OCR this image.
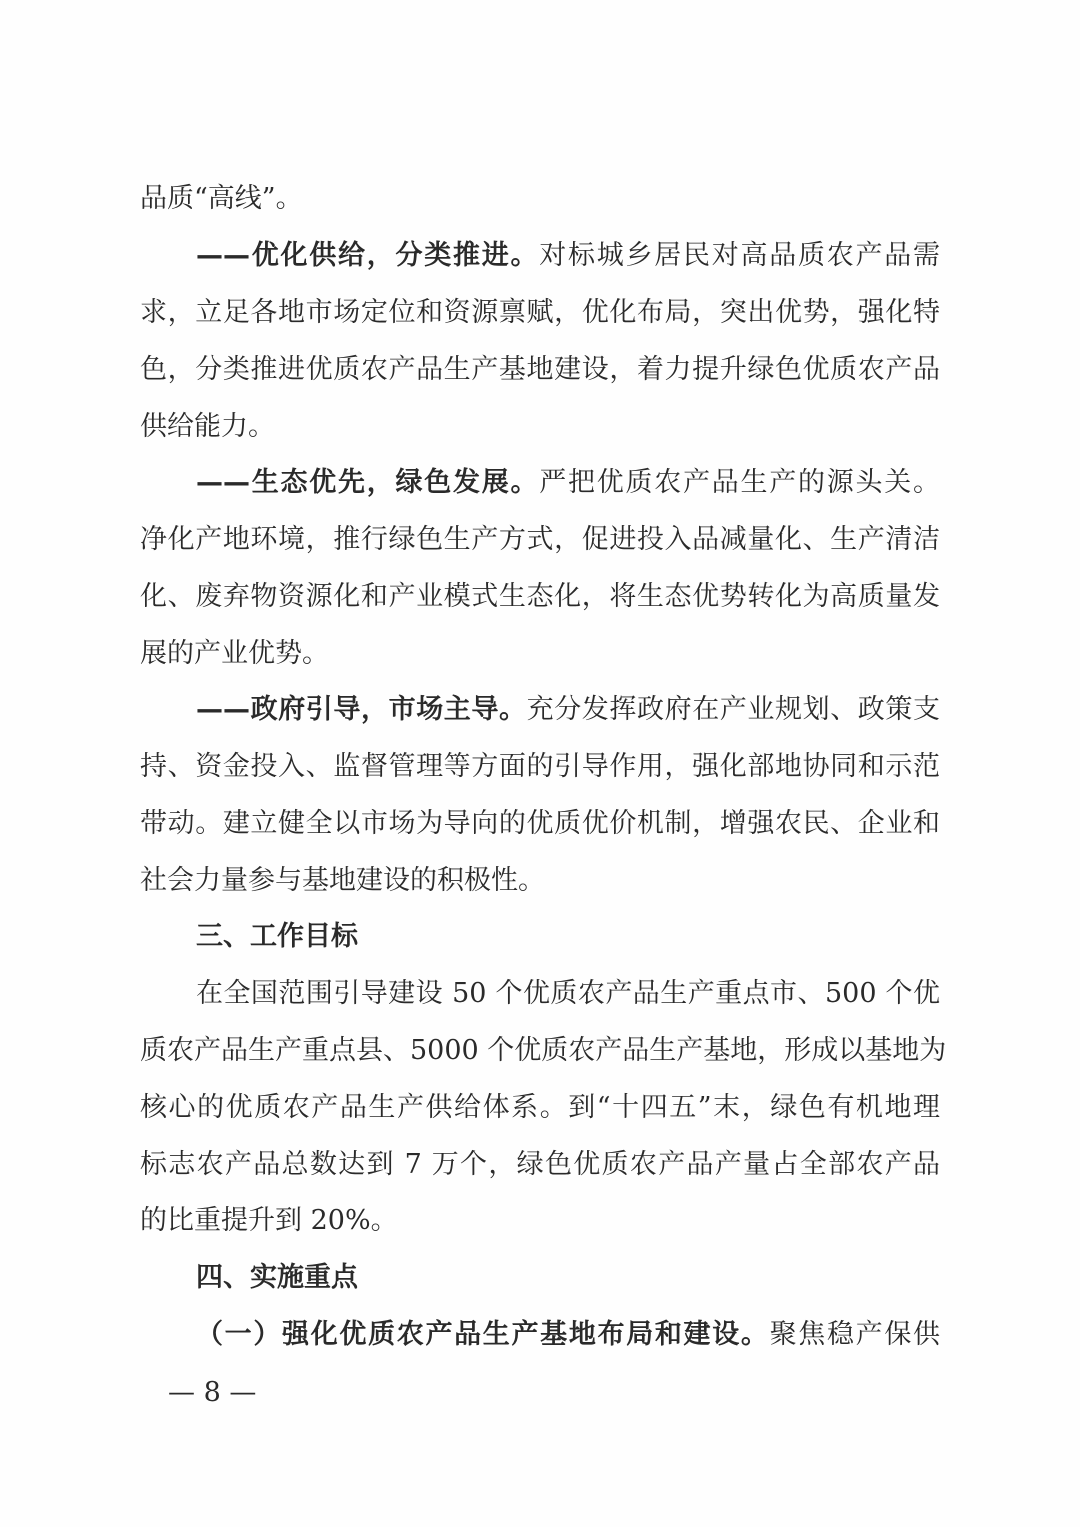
品质“高线”。
——优化供给，分类推进。对标城乡居民对高品质农产品需
求，立足各地市场定位和资源禀赋，优化布局，突出优势，强化特
色，分类推进优质农产品生产基地建设，着力提升绿色优质农产品
供给能力。
——生态优先，绿色发展。严把优质农产品生产的源头关。
净化产地环境，推行绿色生产方式，促进投入品减量化、生产清洁
化、废弃物资源化和产业模式生态化，将生态优势转化为高质量发
展的产业优势。
——政府引导，市场主导。充分发挥政府在产业规划、政策支
持、资金投入、监督管理等方面的引导作用，强化部地协同和示范
带动。建立健全以市场为导向的优质优价机制，增强农民、企业和
社会力量参与基地建设的积极性。
三、工作目标
在全国范围引导建设 50 个优质农产品生产重点市、500 个优
质农产品生产重点县、5000 个优质农产品生产基地，形成以基地为
核心的优质农产品生产供给体系。到“十四五”末，绿色有机地理
标志农产品总数达到 7 万个，绿色优质农产品产量占全部农产品
的比重提升到 20%。
四、实施重点
（一）强化优质农产品生产基地布局和建设。聚焦稳产保供
— 8 —
